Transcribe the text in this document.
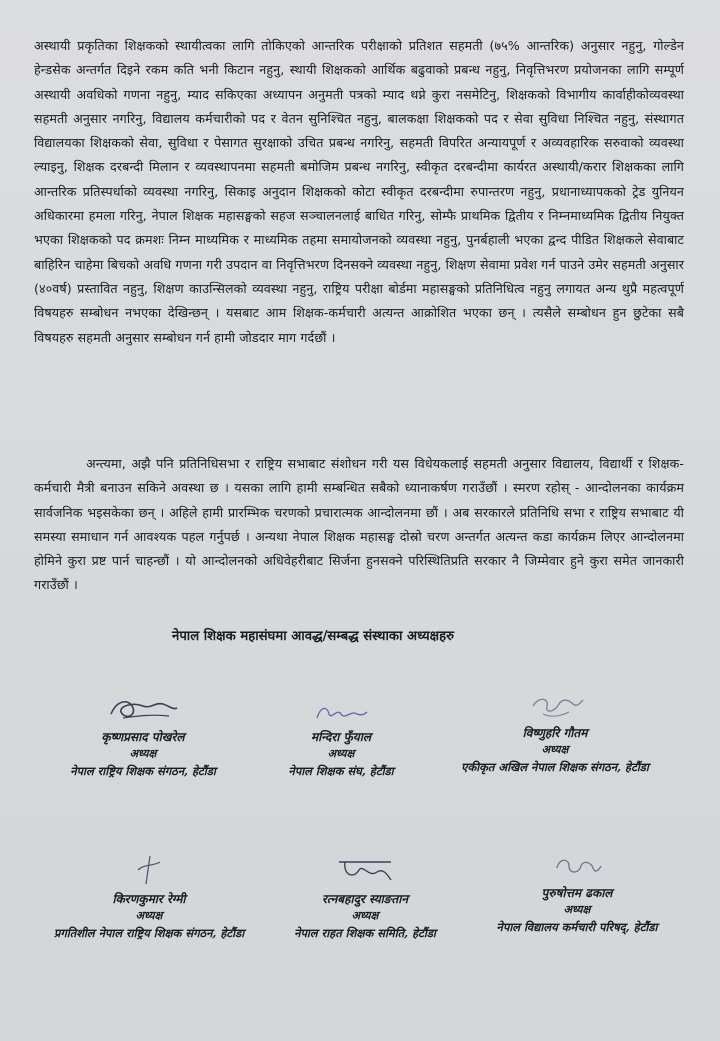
अस्थायी प्रकृतिका शिक्षकको स्थायीत्वका लागि तोकिएको आन्तरिक परीक्षाको प्रतिशत सहमती (७५% आन्तरिक) अनुसार नहुनु, गोल्डेन हेन्डसेक अन्तर्गत दिइने रकम कति भनी किटान नहुनु, स्थायी शिक्षकको आर्थिक बढुवाको प्रबन्ध नहुनु, निवृत्तिभरण प्रयोजनका लागि सम्पूर्ण अस्थायी अवधिको गणना नहुनु, म्याद सकिएका अध्यापन अनुमती पत्रको म्याद थप्ने कुरा नसमेटिनु, शिक्षकको विभागीय कार्वाहीकोव्यवस्था सहमती अनुसार नगरिनु, विद्यालय कर्मचारीको पद र वेतन सुनिश्चित नहुनु, बालकक्षा शिक्षककाे पद र सेवा सुविधा निश्चित नहुनु, संस्थागत विद्यालयका शिक्षकको सेवा, सुविधा र पेसागत सुरक्षाको उचित प्रबन्ध नगरिनु, सहमती विपरित अन्यायपूर्ण र अव्यवहारिक सरुवाको व्यवस्था ल्याइनु, शिक्षक दरबन्दी मिलान र व्यवस्थापनमा सहमती बमोजिम प्रबन्ध नगरिनु, स्वीकृत दरबन्दीमा कार्यरत अस्थायी/करार शिक्षकका लागि आन्तरिक प्रतिस्पर्धाको व्यवस्था नगरिनु, सिकाइ अनुदान शिक्षकको कोटा स्वीकृत दरबन्दीमा रुपान्तरण नहुनु, प्रधानाध्यापकको ट्रेड युनियन अधिकारमा हमला गरिनु, नेपाल शिक्षक महासङ्घको सहज सञ्चालनलाई बाधित गरिनु, साेम्फै प्राथमिक द्वितीय र निम्नमाध्यमिक द्वितीय नियुक्त भएका शिक्षकको पद क्रमशः निम्न माध्यमिक र माध्यमिक तहमा समायोजनको व्यवस्था नहुनु, पुनर्बहाली भएका द्वन्द पीडित शिक्षकले सेवाबाट बाहिरिन चाहेमा बिचको अवधि गणना गरी उपदान वा निवृत्तिभरण दिनसक्ने व्यवस्था नहुनु, शिक्षण सेवामा प्रवेश गर्न पाउने उमेर सहमती अनुसार (४०वर्ष) प्रस्तावित नहुनु, शिक्षण काउन्सिलको व्यवस्था नहुनु, राष्ट्रिय परीक्षा बोर्डमा महासङ्घको प्रतिनिधित्व नहुनु लगायत अन्य थुप्रै महत्वपूर्ण विषयहरु सम्बोधन नभएका देखिन्छन् । यसबाट आम शिक्षक-कर्मचारी अत्यन्त आक्रोशित भएका छन् । त्यसैले सम्बोधन हुन छुटेका सबै विषयहरु सहमती अनुसार सम्बोधन गर्न हामी जोडदार माग गर्दछौं ।

अन्त्यमा, अझै पनि प्रतिनिधिसभा र राष्ट्रिय सभाबाट संशोधन गरी यस विधेयकलाई सहमती अनुसार विद्यालय, विद्यार्थी र शिक्षक-कर्मचारी मैत्री बनाउन सकिने अवस्था छ । यसका लागि हामी सम्बन्धित सबैको ध्यानाकर्षण गराउँछौं । स्मरण रहोस् - आन्दोलनका कार्यक्रम सार्वजनिक भइसकेका छन् । अहिले हामी प्रारम्भिक चरणको प्रचारात्मक आन्दोलनमा छौं । अब सरकारले प्रतिनिधि सभा र राष्ट्रिय सभाबाट यी समस्या समाधान गर्न आवश्यक पहल गर्नुपर्छ । अन्यथा नेपाल शिक्षक महासङ्घ दोस्रो चरण अन्तर्गत अत्यन्त कडा कार्यक्रम लिएर आन्दोलनमा होमिने कुरा प्रष्ट पार्न चाहन्छौं । यो आन्दोलनको अधिवेहरीबाट सिर्जना हुनसक्ने परिस्थितिप्रति सरकार नै जिम्मेवार हुने कुरा समेत जानकारी गराउँछौं ।

नेपाल शिक्षक महासंघमा आवद्ध/सम्बद्ध संस्थाका अध्यक्षहरु

कृष्णप्रसाद पोखरेल
अध्यक्ष
नेपाल राष्ट्रिय शिक्षक संगठन, हेटौंडा
मन्दिरा फुँयाल
अध्यक्ष
नेपाल शिक्षक संघ, हेटौंडा
विष्णुहरि गौतम
अध्यक्ष
एकीकृत अखिल नेपाल शिक्षक संगठन, हेटौंडा
किरणकुमार रेग्मी
अध्यक्ष
प्रगतिशील नेपाल राष्ट्रिय शिक्षक संगठन, हेटौंडा
रत्नबहादुर स्याङतान
अध्यक्ष
नेपाल राहत शिक्षक समिति, हेटौंडा
पुरुषोत्तम ढकाल
अध्यक्ष
नेपाल विद्यालय कर्मचारी परिषद्, हेटौंडा
